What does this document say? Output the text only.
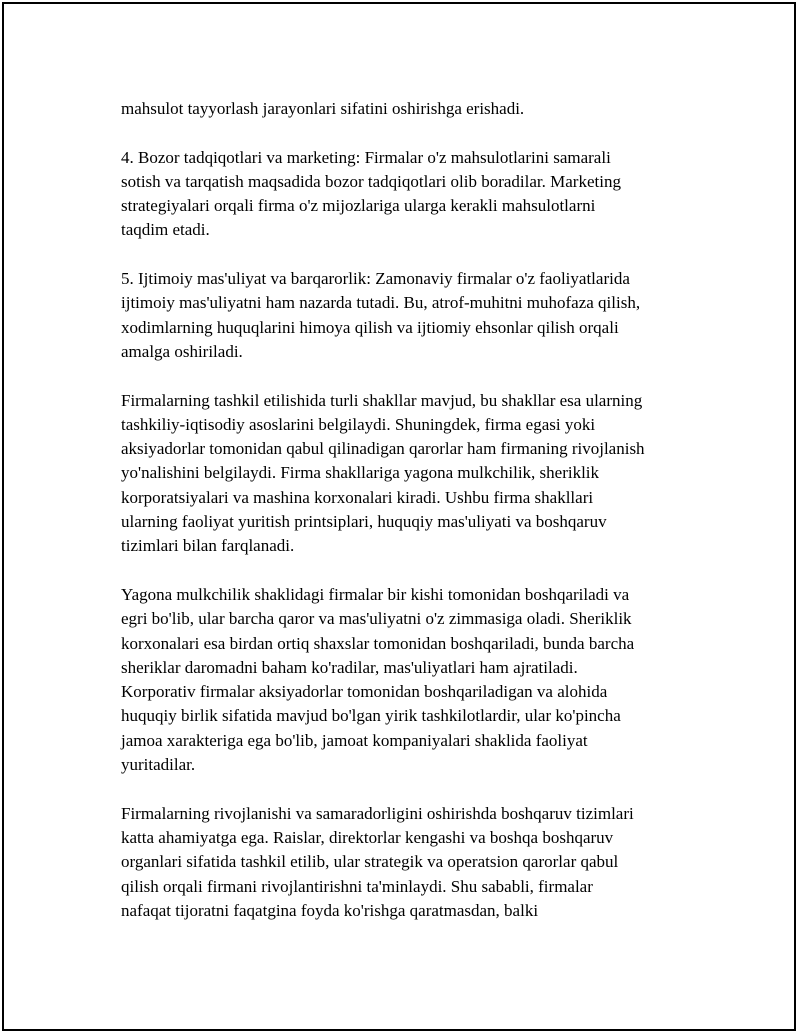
mahsulot tayyorlash jarayonlari sifatini oshirishga erishadi.

4. Bozor tadqiqotlari va marketing: Firmalar o'z mahsulotlarini samarali
sotish va tarqatish maqsadida bozor tadqiqotlari olib boradilar. Marketing
strategiyalari orqali firma o'z mijozlariga ularga kerakli mahsulotlarni
taqdim etadi.

5. Ijtimoiy mas'uliyat va barqarorlik: Zamonaviy firmalar o'z faoliyatlarida
ijtimoiy mas'uliyatni ham nazarda tutadi. Bu, atrof-muhitni muhofaza qilish,
xodimlarning huquqlarini himoya qilish va ijtiomiy ehsonlar qilish orqali
amalga oshiriladi.

Firmalarning tashkil etilishida turli shakllar mavjud, bu shakllar esa ularning
tashkiliy-iqtisodiy asoslarini belgilaydi. Shuningdek, firma egasi yoki
aksiyadorlar tomonidan qabul qilinadigan qarorlar ham firmaning rivojlanish
yo'nalishini belgilaydi. Firma shakllariga yagona mulkchilik, sheriklik
korporatsiyalari va mashina korxonalari kiradi. Ushbu firma shakllari
ularning faoliyat yuritish printsiplari, huquqiy mas'uliyati va boshqaruv
tizimlari bilan farqlanadi.

Yagona mulkchilik shaklidagi firmalar bir kishi tomonidan boshqariladi va
egri bo'lib, ular barcha qaror va mas'uliyatni o'z zimmasiga oladi. Sheriklik
korxonalari esa birdan ortiq shaxslar tomonidan boshqariladi, bunda barcha
sheriklar daromadni baham ko'radilar, mas'uliyatlari ham ajratiladi.
Korporativ firmalar aksiyadorlar tomonidan boshqariladigan va alohida
huquqiy birlik sifatida mavjud bo'lgan yirik tashkilotlardir, ular ko'pincha
jamoa xarakteriga ega bo'lib, jamoat kompaniyalari shaklida faoliyat
yuritadilar.

Firmalarning rivojlanishi va samaradorligini oshirishda boshqaruv tizimlari
katta ahamiyatga ega. Raislar, direktorlar kengashi va boshqa boshqaruv
organlari sifatida tashkil etilib, ular strategik va operatsion qarorlar qabul
qilish orqali firmani rivojlantirishni ta'minlaydi. Shu sababli, firmalar
nafaqat tijoratni faqatgina foyda ko'rishga qaratmasdan, balki
